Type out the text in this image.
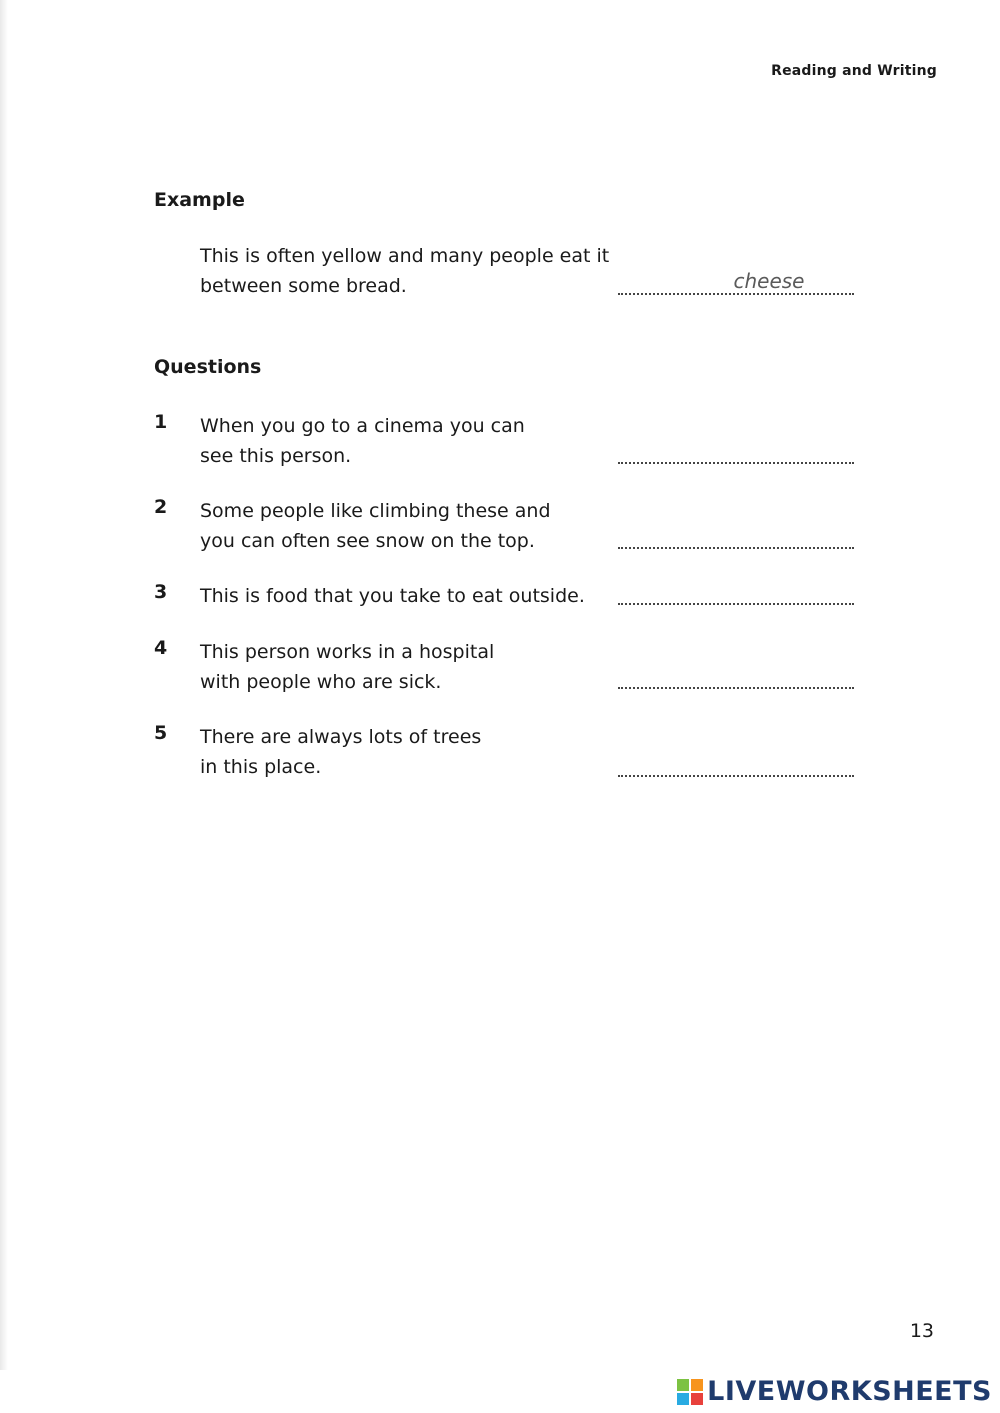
Reading and Writing
Example
This is often yellow and many people eat it
between some bread.	cheese
Questions
1 When you go to a cinema you can
see this person.
2 Some people like climbing these and
you can often see snow on the top.
3 This is food that you take to eat outside.
4 This person works in a hospital
with people who are sick.
5 There are always lots of trees
in this place.
13
LIVEWORKSHEETS
